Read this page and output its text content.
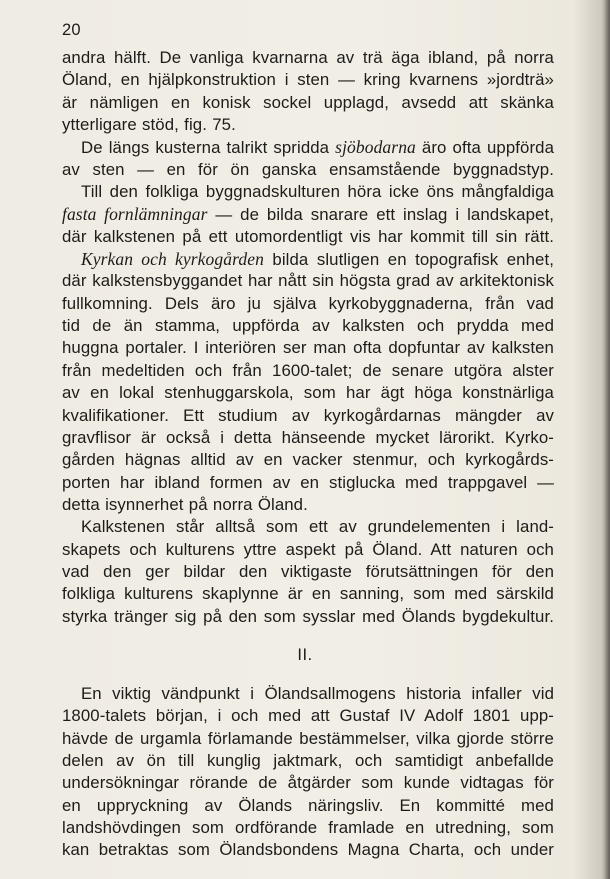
20
andra hälft. De vanliga kvarnarna av trä äga ibland, på norra
Öland, en hjälpkonstruktion i sten — kring kvarnens »jordträ»
är nämligen en konisk sockel upplagd, avsedd att skänka
ytterligare stöd, fig. 75.
De längs kusterna talrikt spridda sjöbodarna äro ofta uppförda
av sten — en för ön ganska ensamstående byggnadstyp.
Till den folkliga byggnadskulturen höra icke öns mångfaldiga
fasta fornlämningar — de bilda snarare ett inslag i landskapet,
där kalkstenen på ett utomordentligt vis har kommit till sin rätt.
Kyrkan och kyrkogården bilda slutligen en topografisk enhet,
där kalkstensbyggandet har nått sin högsta grad av arkitektonisk
fullkomning. Dels äro ju själva kyrkobyggnaderna, från vad
tid de än stamma, uppförda av kalksten och prydda med
huggna portaler. I interiören ser man ofta dopfuntar av kalksten
från medeltiden och från 1600-talet; de senare utgöra alster
av en lokal stenhuggarskola, som har ägt höga konstnärliga
kvalifikationer. Ett studium av kyrkogårdarnas mängder av
gravflisor är också i detta hänseende mycket lärorikt. Kyrko-
gården hägnas alltid av en vacker stenmur, och kyrkogårds-
porten har ibland formen av en stiglucka med trappgavel —
detta isynnerhet på norra Öland.
Kalkstenen står alltså som ett av grundelementen i land-
skapets och kulturens yttre aspekt på Öland. Att naturen och
vad den ger bildar den viktigaste förutsättningen för den
folkliga kulturens skaplynne är en sanning, som med särskild
styrka tränger sig på den som sysslar med Ölands bygdekultur.
II.
En viktig vändpunkt i Ölandsallmogens historia infaller vid
1800-talets början, i och med att Gustaf IV Adolf 1801 upp-
hävde de urgamla förlamande bestämmelser, vilka gjorde större
delen av ön till kunglig jaktmark, och samtidigt anbefallde
undersökningar rörande de åtgärder som kunde vidtagas för
en uppryckning av Ölands näringsliv. En kommitté med
landshövdingen som ordförande framlade en utredning, som
kan betraktas som Ölandsbondens Magna Charta, och under
